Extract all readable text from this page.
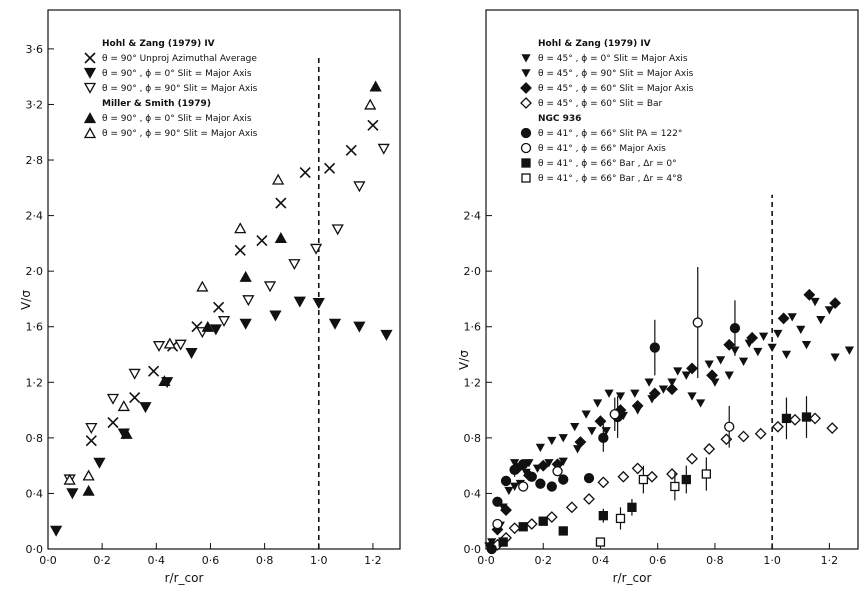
0·0	0·2	0·4	0·6	0·8	1·0	1·2
0·0
0·4
0·8
1·2
1·6
2·0
2·4
2·8
3·2
3·6
r/r_cor
V/σ
Hohl & Zang (1979) IV
θ = 90° Unproj Azimuthal Average
θ = 90° , ϕ = 0° Slit = Major Axis
θ = 90° , ϕ = 90° Slit = Major Axis
Miller & Smith (1979)
θ = 90° , ϕ = 0° Slit = Major Axis
θ = 90° , ϕ = 90° Slit = Major Axis
0·0	0·2	0·4	0·6	0·8	1·0	1·2
0·0
0·4
0·8
1·2
1·6
2·0
2·4
r/r_cor
V/σ
Hohl & Zang (1979) IV
θ = 45° , ϕ = 0° Slit = Major Axis
θ = 45° , ϕ = 90° Slit = Major Axis
θ = 45° , ϕ = 60° Slit = Major Axis
θ = 45° , ϕ = 60° Slit = Bar
NGC 936
θ = 41° , ϕ = 66° Slit PA = 122°
θ = 41° , ϕ = 66° Major Axis
θ = 41° , ϕ = 66° Bar , Δr = 0°
θ = 41° , ϕ = 66° Bar , Δr = 4°8
